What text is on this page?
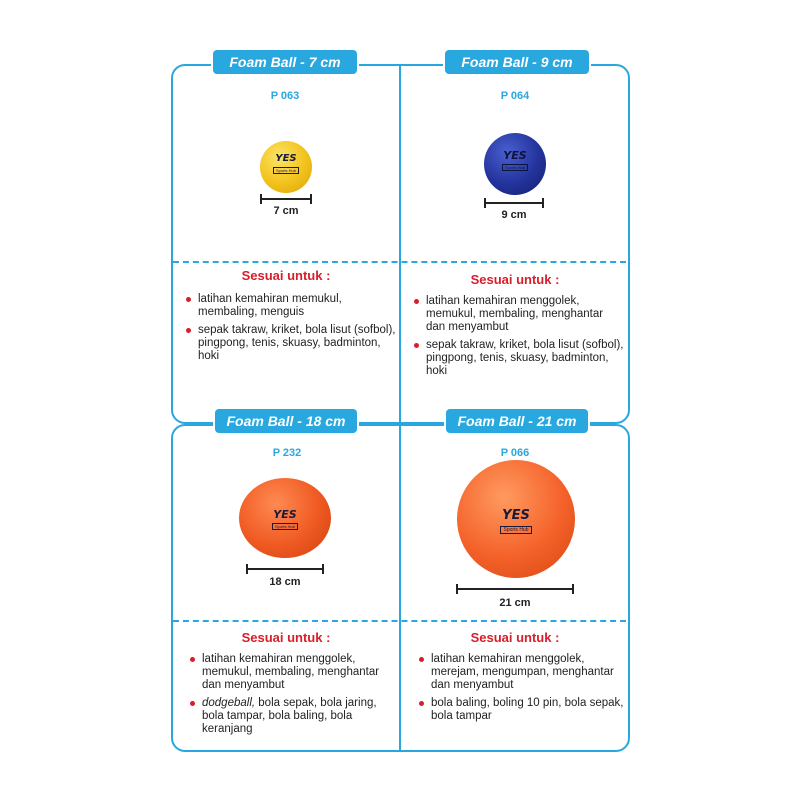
Foam Ball - 7 cm
P 063
YES
Sports Hub
7 cm
Sesuai untuk :
latihan kemahiran memukul, membaling, menguis
sepak takraw, kriket, bola lisut (sofbol), pingpong, tenis, skuasy, badminton, hoki
Foam Ball - 9 cm
P 064
YES
Sports Hub
9 cm
Sesuai untuk :
latihan kemahiran menggolek, memukul, membaling, menghantar dan menyambut
sepak takraw, kriket, bola lisut (sofbol), pingpong, tenis, skuasy, badminton, hoki
Foam Ball - 18 cm
P 232
YES
Sports Hub
18 cm
Sesuai untuk :
latihan kemahiran menggolek, memukul, membaling, menghantar dan menyambut
dodgeball, bola sepak, bola jaring, bola tampar, bola baling, bola keranjang
Foam Ball - 21 cm
P 066
YES
Sports Hub
21 cm
Sesuai untuk :
latihan kemahiran menggolek, merejam, mengumpan, menghantar dan menyambut
bola baling, boling 10 pin, bola sepak, bola tampar
